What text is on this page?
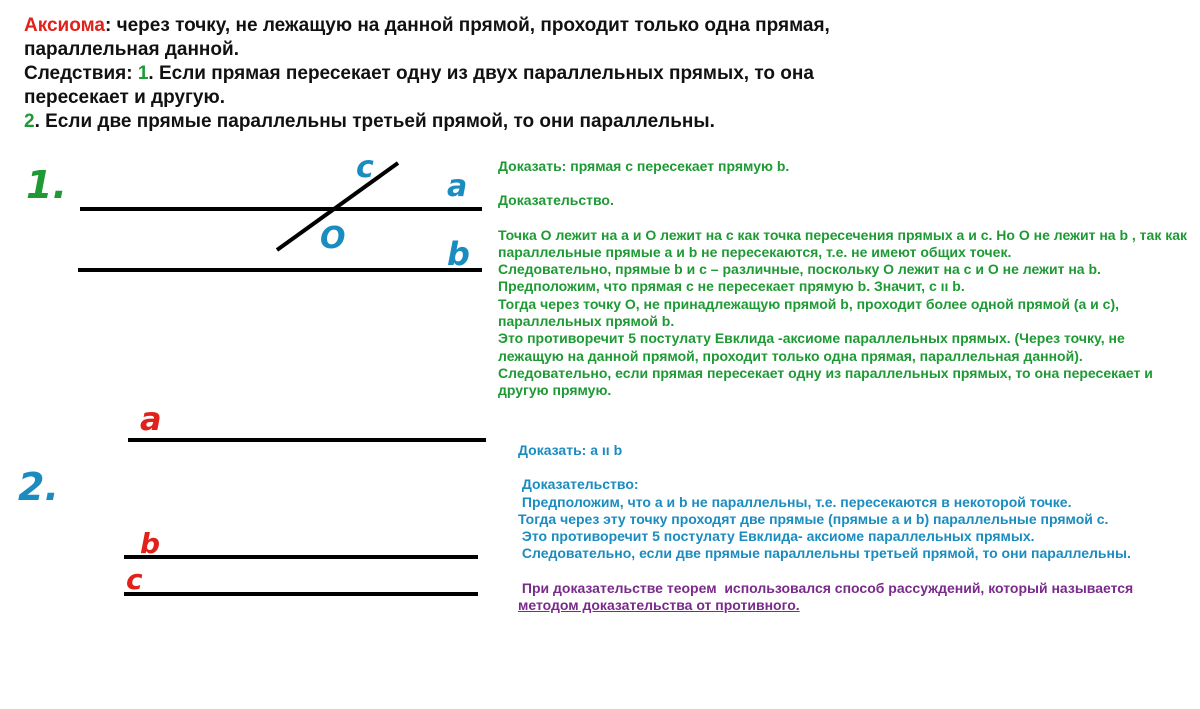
Аксиома: через точку, не лежащую на данной прямой, проходит только одна прямая, параллельная данной.

Следствия: 1. Если прямая пересекает одну из двух параллельных прямых, то она пересекает и другую.

2. Если две прямые параллельны третьей прямой, то они параллельны.

1.	c
O
a
b
2.
a
b
c

Доказать: прямая с пересекает прямую b.

Доказательство.

Точка О лежит на а и О лежит на с как точка пересечения прямых а и с. Но О не лежит на b , так как параллельные прямые а и b не пересекаются, т.е. не имеют общих точек.

Следовательно, прямые b и с – различные, поскольку О лежит на с и О не лежит на b.

Предположим, что прямая с не пересекает прямую b. Значит, c ıı b.

Тогда через точку О, не принадлежащую прямой b, проходит более одной прямой (а и с), параллельных прямой b.

Это противоречит 5 постулату Евклида -аксиоме параллельных прямых. (Через точку, не лежащую на данной прямой, проходит только одна прямая, параллельная данной).

Следовательно, если прямая пересекает одну из параллельных прямых, то она пересекает и другую прямую.

Доказать: a ıı b

Доказательство:

Предположим, что а и b не параллельны, т.е. пересекаются в некоторой точке.

Тогда через эту точку проходят две прямые (прямые а и b) параллельные прямой с.

Это противоречит 5 постулату Евклида- аксиоме параллельных прямых.

Следовательно, если две прямые параллельны третьей прямой, то они параллельны.

При доказательстве теорем  использовался способ рассуждений, который называется методом доказательства от противного.
